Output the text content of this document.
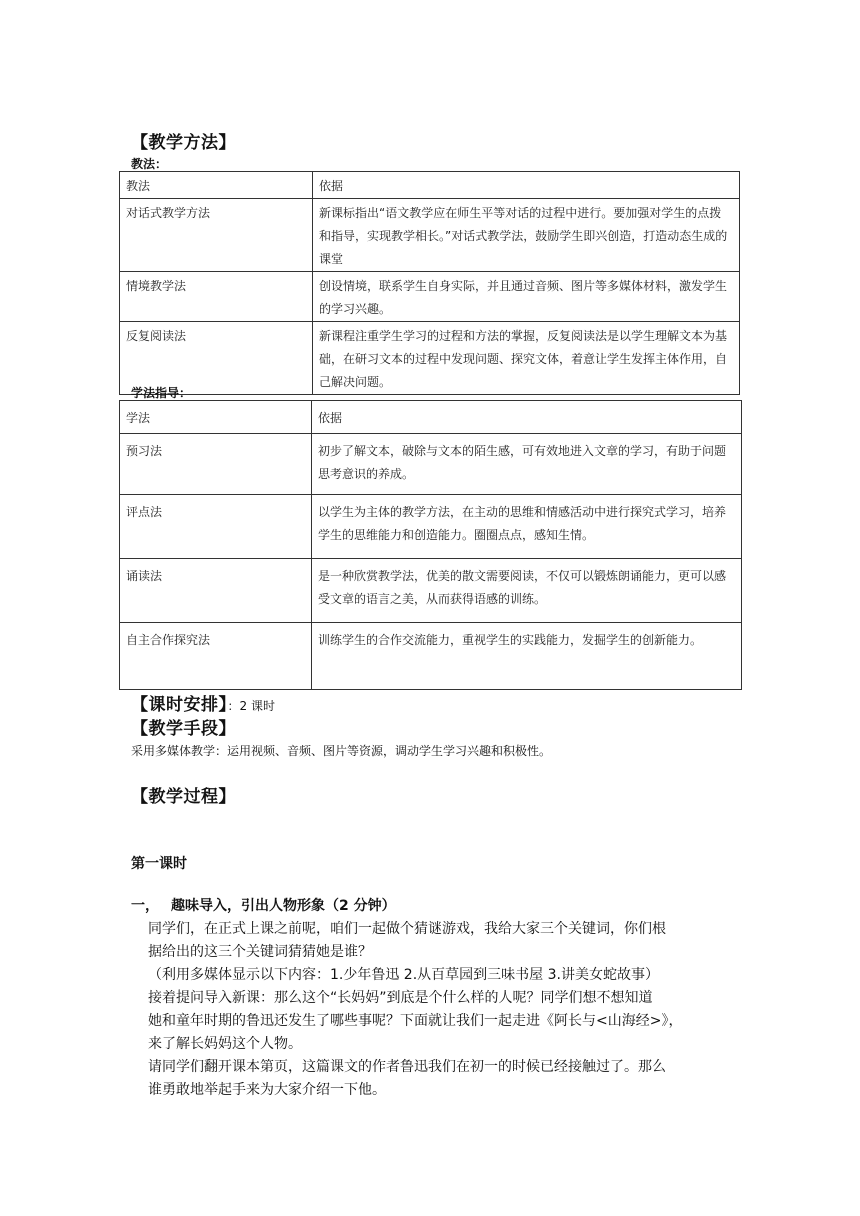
【教学方法】
教法：
教法	依据
对话式教学方法	新课标指出“语文教学应在师生平等对话的过程中进行。要加强对学生的点拨和指导，实现教学相长。”对话式教学法，鼓励学生即兴创造，打造动态生成的课堂
情境教学法	创设情境，联系学生自身实际，并且通过音频、图片等多媒体材料，激发学生的学习兴趣。
反复阅读法	新课程注重学生学习的过程和方法的掌握，反复阅读法是以学生理解文本为基础，在研习文本的过程中发现问题、探究文体，着意让学生发挥主体作用，自己解决问题。
学法指导：
学法	依据
预习法	初步了解文本，破除与文本的陌生感，可有效地进入文章的学习，有助于问题思考意识的养成。
评点法	以学生为主体的教学方法，在主动的思维和情感活动中进行探究式学习，培养学生的思维能力和创造能力。圈圈点点，感知生情。
诵读法	是一种欣赏教学法，优美的散文需要阅读，不仅可以锻炼朗诵能力，更可以感受文章的语言之美，从而获得语感的训练。
自主合作探究法	训练学生的合作交流能力，重视学生的实践能力，发掘学生的创新能力。
【课时安排】：2 课时
【教学手段】
采用多媒体教学：运用视频、音频、图片等资源，调动学生学习兴趣和积极性。
【教学过程】
第一课时
一， 趣味导入，引出人物形象（2 分钟）
同学们，在正式上课之前呢，咱们一起做个猜谜游戏，我给大家三个关键词，你们根
据给出的这三个关键词猜猜她是谁？
（利用多媒体显示以下内容：1.少年鲁迅 2.从百草园到三味书屋 3.讲美女蛇故事）
接着提问导入新课：那么这个“长妈妈”到底是个什么样的人呢？同学们想不想知道
她和童年时期的鲁迅还发生了哪些事呢？下面就让我们一起走进《阿长与<山海经>》，
来了解长妈妈这个人物。
请同学们翻开课本第页，这篇课文的作者鲁迅我们在初一的时候已经接触过了。那么
谁勇敢地举起手来为大家介绍一下他。
